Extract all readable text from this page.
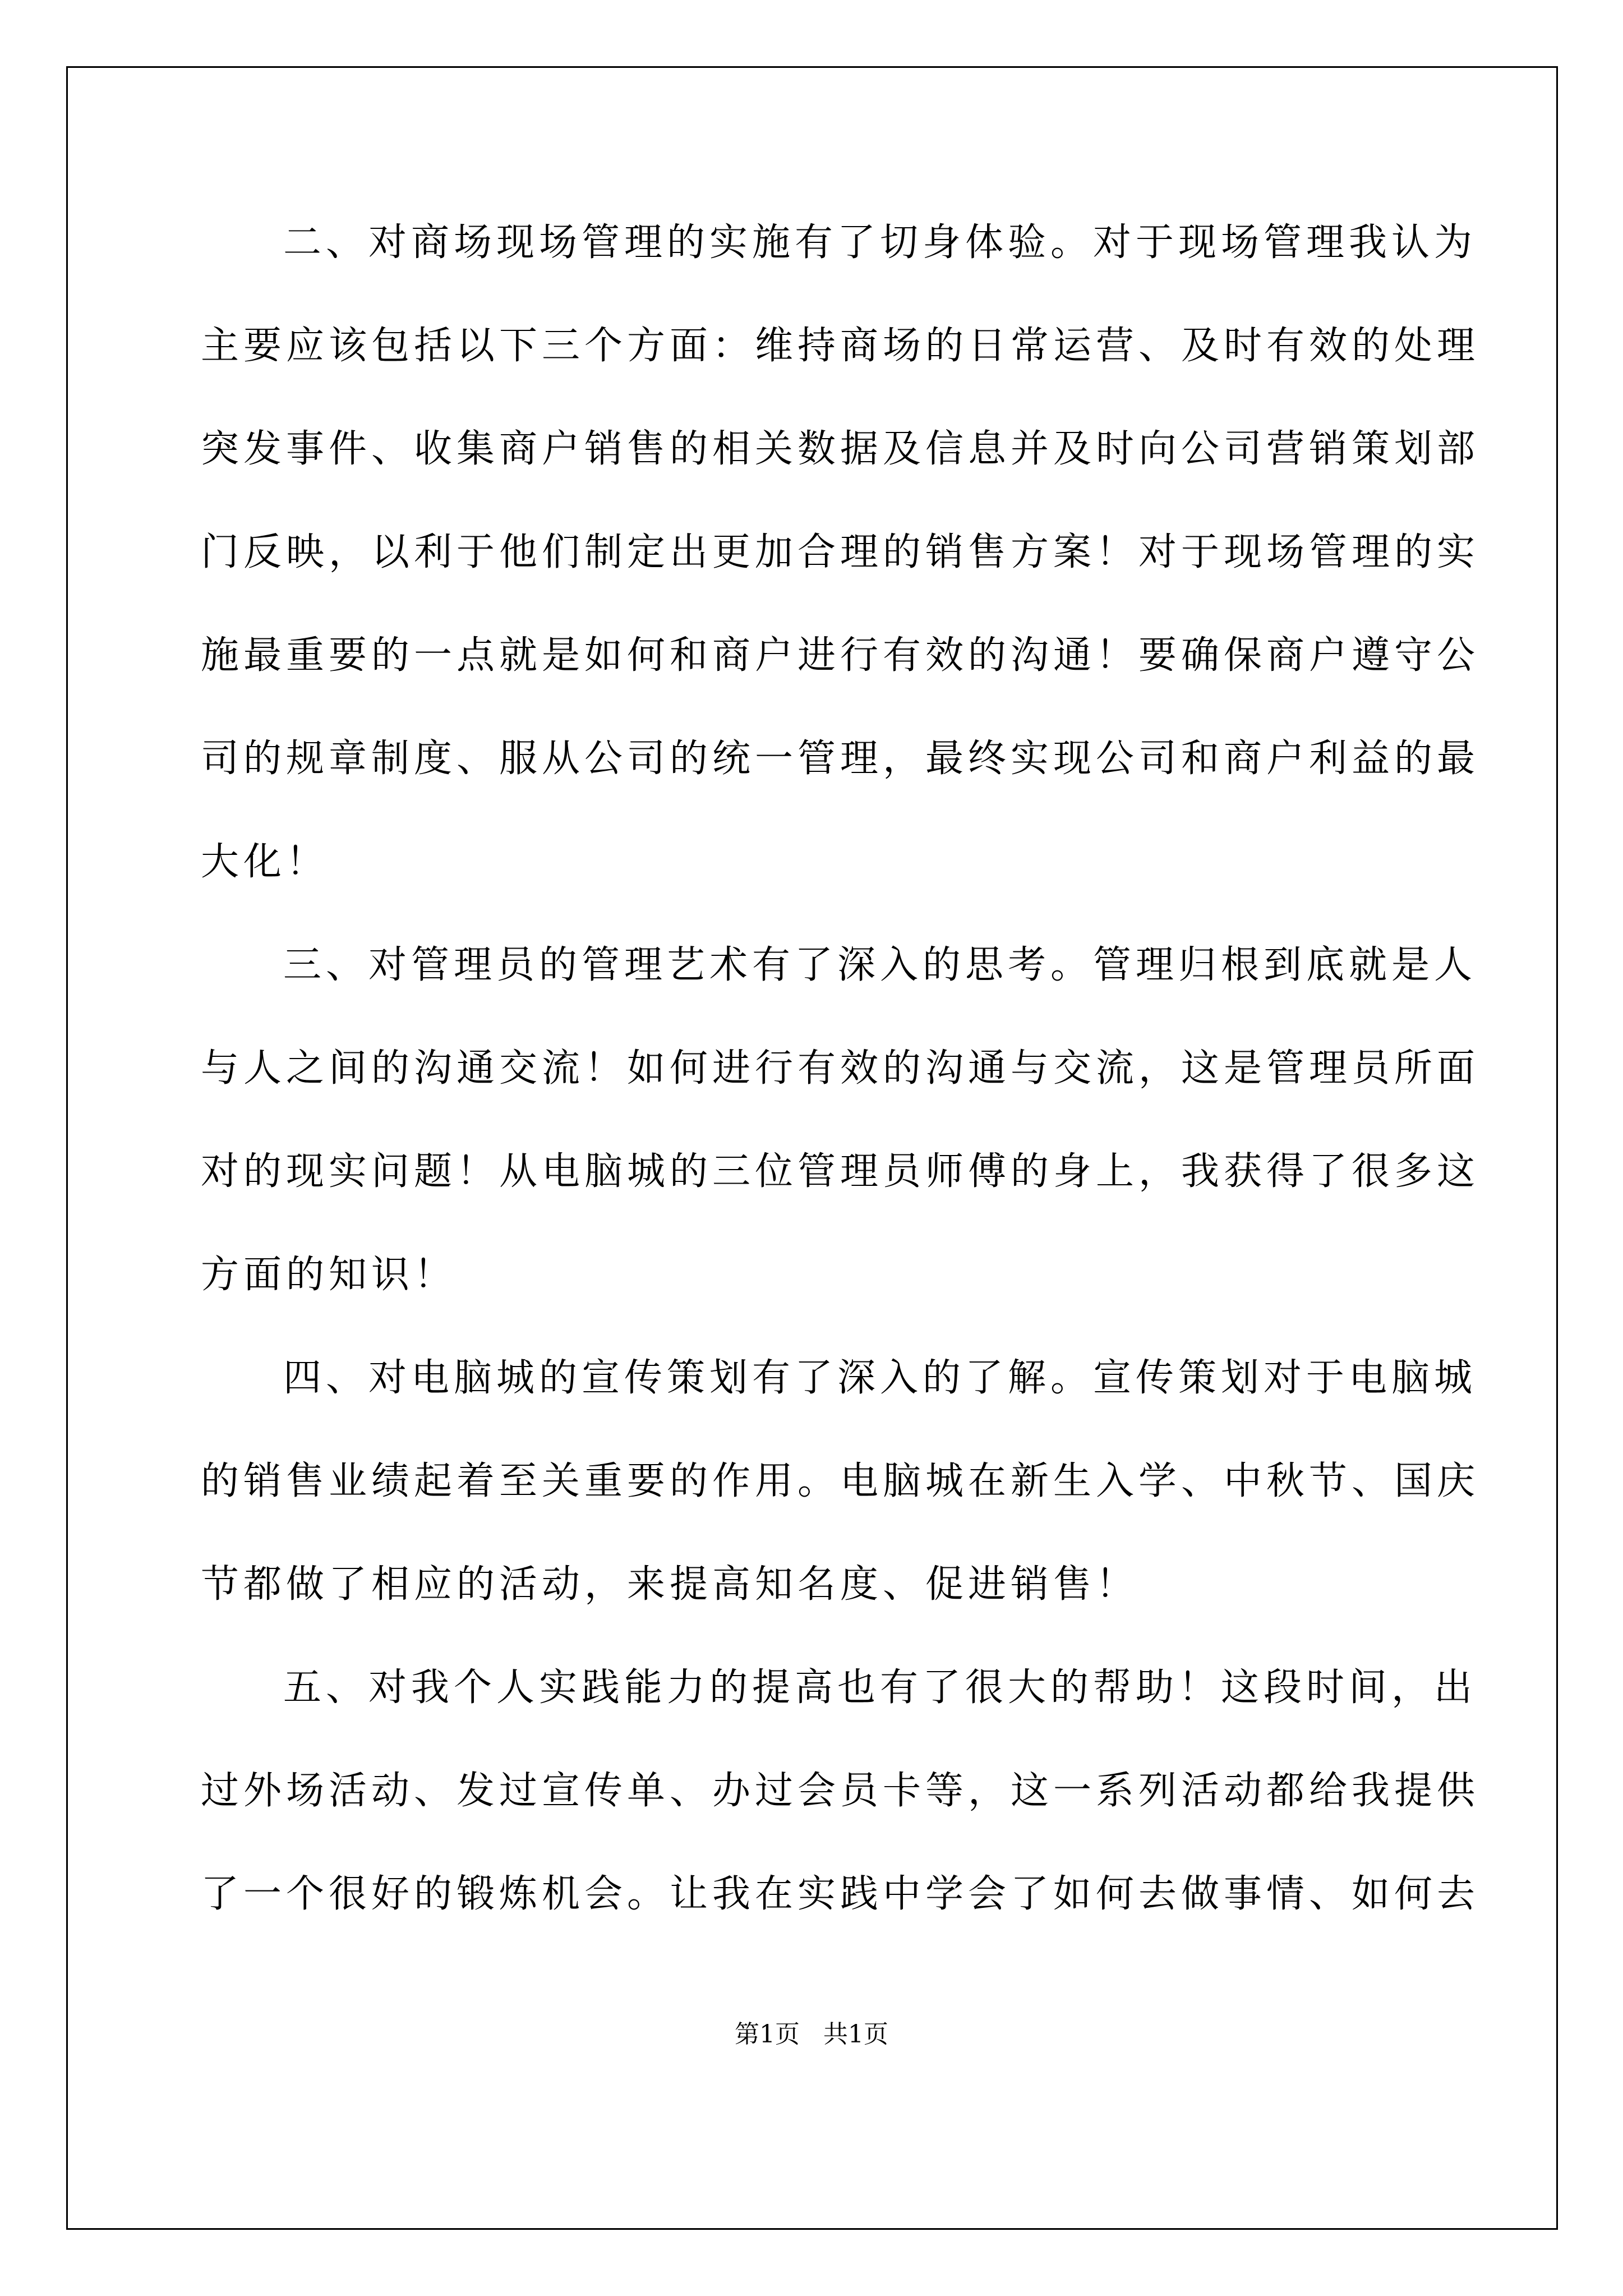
二、对商场现场管理的实施有了切身体验。对于现场管理我认为
主要应该包括以下三个方面：维持商场的日常运营、及时有效的处理
突发事件、收集商户销售的相关数据及信息并及时向公司营销策划部
门反映，以利于他们制定出更加合理的销售方案！对于现场管理的实
施最重要的一点就是如何和商户进行有效的沟通！要确保商户遵守公
司的规章制度、服从公司的统一管理，最终实现公司和商户利益的最
大化！
三、对管理员的管理艺术有了深入的思考。管理归根到底就是人
与人之间的沟通交流！如何进行有效的沟通与交流，这是管理员所面
对的现实问题！从电脑城的三位管理员师傅的身上，我获得了很多这
方面的知识！
四、对电脑城的宣传策划有了深入的了解。宣传策划对于电脑城
的销售业绩起着至关重要的作用。电脑城在新生入学、中秋节、国庆
节都做了相应的活动，来提高知名度、促进销售！
五、对我个人实践能力的提高也有了很大的帮助！这段时间，出
过外场活动、发过宣传单、办过会员卡等，这一系列活动都给我提供
了一个很好的锻炼机会。让我在实践中学会了如何去做事情、如何去
第1页 共1页
